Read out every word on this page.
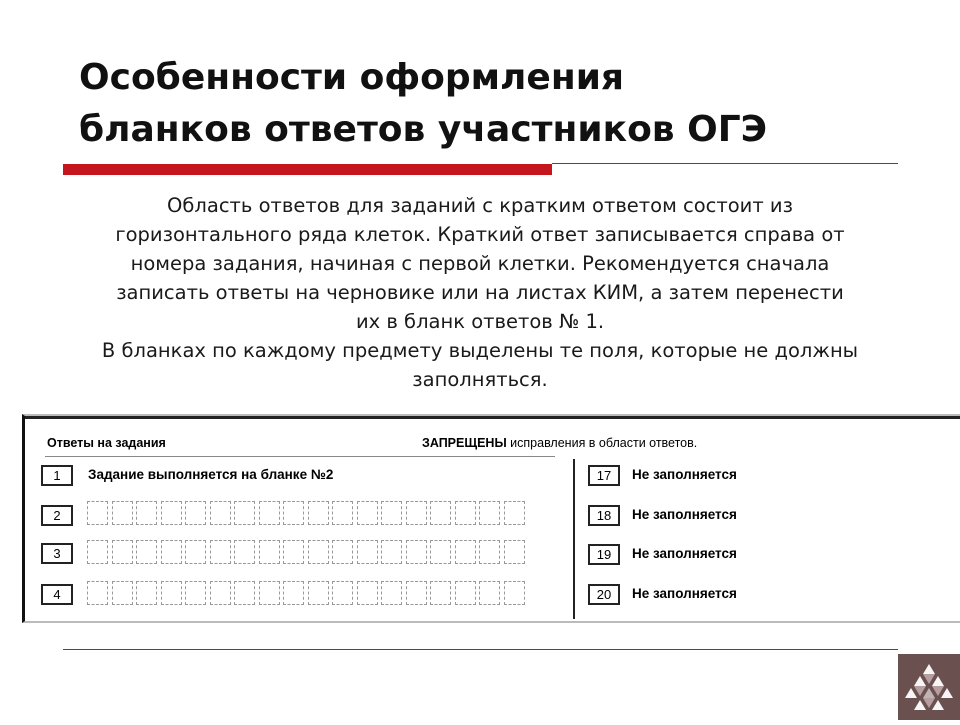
Особенности оформления
бланков ответов участников ОГЭ
Область ответов для заданий с кратким ответом состоит из
горизонтального ряда клеток. Краткий ответ записывается справа от
номера задания, начиная с первой клетки. Рекомендуется сначала
записать ответы на черновике или на листах КИМ, а затем перенести
их в бланк ответов № 1.
В бланках по каждому предмету выделены те поля, которые не должны
заполняться.
Ответы на задания	ЗАПРЕЩЕНЫ исправления в области ответов.
1	Задание выполняется на бланке №2
2
3
4
17	Не заполняется
18	Не заполняется
19	Не заполняется
20	Не заполняется
